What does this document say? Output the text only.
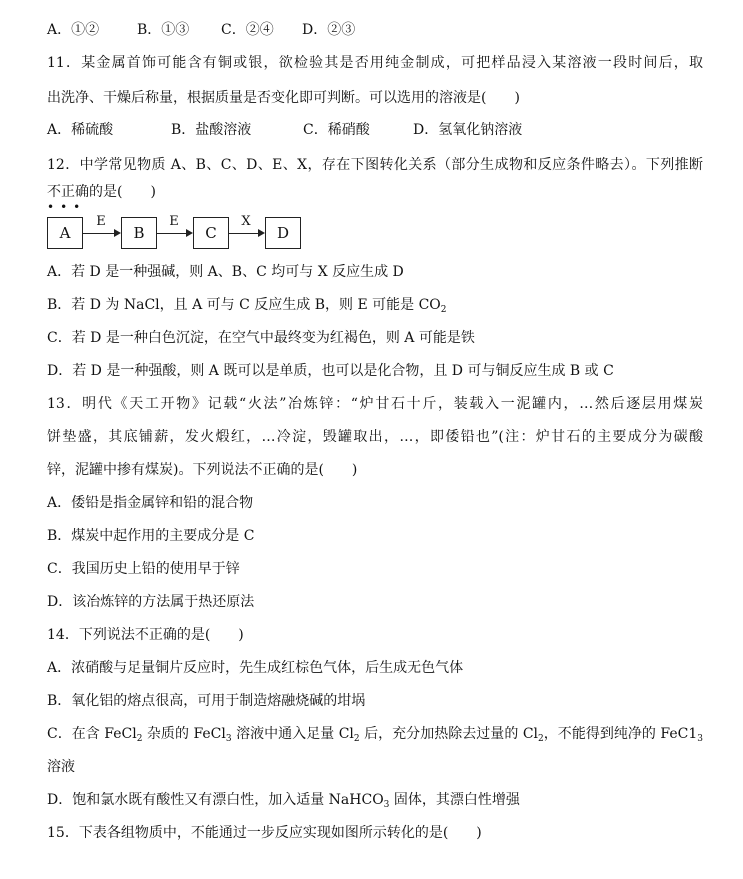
A．①②	B．①③ C．②④ D．②③
11．某金属首饰可能含有铜或银，欲检验其是否用纯金制成，可把样品浸入某溶液一段时间后，取
出洗净、干燥后称量，根据质量是否变化即可判断。可以选用的溶液是(　　)
A．稀硫酸	B．盐酸溶液	C．稀硝酸	D．氢氧化钠溶液
12．中学常见物质 A、B、C、D、E、X，存在下图转化关系（部分生成物和反应条件略去）。下列推断
不正确的是(　　)
•••
A
E
B
E
C
X
D
A．若 D 是一种强碱，则 A、B、C 均可与 X 反应生成 D
B．若 D 为 NaCl，且 A 可与 C 反应生成 B，则 E 可能是 $CO_2$
C．若 D 是一种白色沉淀，在空气中最终变为红褐色，则 A 可能是铁
D．若 D 是一种强酸，则 A 既可以是单质，也可以是化合物，且 D 可与铜反应生成 B 或 C
13．明代《天工开物》记载“火法”冶炼锌：“炉甘石十斤，装载入一泥罐内，…然后逐层用煤炭
饼垫盛，其底铺薪，发火煅红，…冷淀，毁罐取出，…，即倭铅也”(注：炉甘石的主要成分为碳酸
锌，泥罐中掺有煤炭)。下列说法不正确的是(　　)
A．倭铅是指金属锌和铅的混合物
B．煤炭中起作用的主要成分是 C
C．我国历史上铅的使用早于锌
D．该冶炼锌的方法属于热还原法
14．下列说法不正确的是(　　)
A．浓硝酸与足量铜片反应时，先生成红棕色气体，后生成无色气体
B．氧化铝的熔点很高，可用于制造熔融烧碱的坩埚
C．在含 FeCl$_2$ 杂质的 FeCl$_3$ 溶液中通入足量 $Cl_2$ 后，充分加热除去过量的 $Cl_2$，不能得到纯净的 $FeC1_3$
溶液
D．饱和氯水既有酸性又有漂白性，加入适量 NaHCO$_3$ 固体，其漂白性增强
15．下表各组物质中，不能通过一步反应实现如图所示转化的是(　　)
